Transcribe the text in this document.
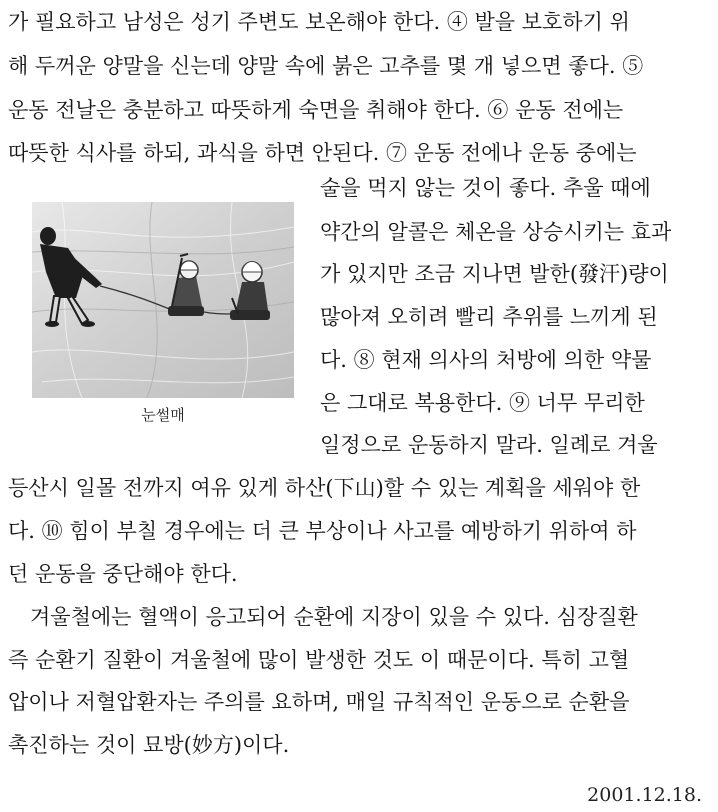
가 필요하고 남성은 성기 주변도 보온해야 한다. ④ 발을 보호하기 위
해 두꺼운 양말을 신는데 양말 속에 붉은 고추를 몇 개 넣으면 좋다. ⑤
운동 전날은 충분하고 따뜻하게 숙면을 취해야 한다. ⑥ 운동 전에는
따뜻한 식사를 하되, 과식을 하면 안된다. ⑦ 운동 전에나 운동 중에는
눈썰매
술을 먹지 않는 것이 좋다. 추울 때에
약간의 알콜은 체온을 상승시키는 효과
가 있지만 조금 지나면 발한(發汗)량이
많아져 오히려 빨리 추위를 느끼게 된
다. ⑧ 현재 의사의 처방에 의한 약물
은 그대로 복용한다. ⑨ 너무 무리한
일정으로 운동하지 말라. 일례로 겨울
등산시 일몰 전까지 여유 있게 하산(下山)할 수 있는 계획을 세워야 한
다. ⑩ 힘이 부칠 경우에는 더 큰 부상이나 사고를 예방하기 위하여 하
던 운동을 중단해야 한다.
겨울철에는 혈액이 응고되어 순환에 지장이 있을 수 있다. 심장질환
즉 순환기 질환이 겨울철에 많이 발생한 것도 이 때문이다. 특히 고혈
압이나 저혈압환자는 주의를 요하며, 매일 규칙적인 운동으로 순환을
촉진하는 것이 묘방(妙方)이다.
2001.12.18.
